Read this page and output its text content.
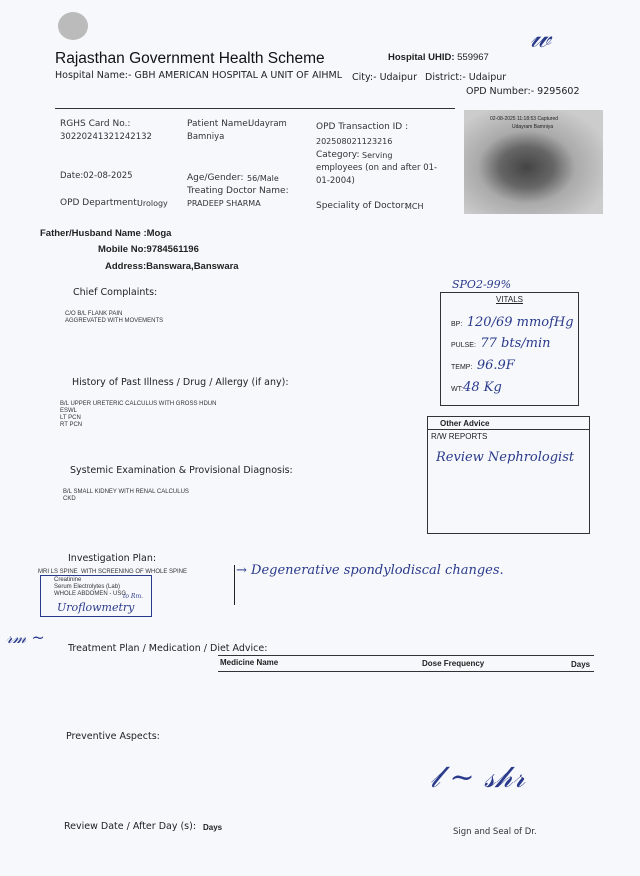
𝓌
Rajasthan Government Health Scheme	Hospital UHID: 559967
Hospital Name:- GBH AMERICAN HOSPITAL A UNIT OF AIHML City:- Udaipur District:- Udaipur
OPD Number:- 9295602
RGHS Card No.:
30220241321242132
Patient Name:
Udayram
Bamniya
OPD Transaction ID :
202508021123216
Category: Serving
employees (on and after 01-
01-2004)
Date:02-08-2025	Age/Gender: 56/Male
Treating Doctor Name:
PRADEEP SHARMA
OPD Department:
Urology	Speciality of Doctor:
MCH
02-08-2025 11:18:53 Captured
Udayram Bamniya
Father/Husband Name :Moga
Mobile No:9784561196
Address:Banswara,Banswara
Chief Complaints:
C/O B/L FLANK PAIN
AGGREVATED WITH MOVEMENTS
History of Past Illness / Drug / Allergy (if any):
B/L UPPER URETERIC CALCULUS WITH GROSS HDUN
ESWL
LT PCN
RT PCN
Systemic Examination & Provisional Diagnosis:
B/L SMALL KIDNEY WITH RENAL CALCULUS
CKD
SPO2-99%
VITALS
BP: 120/69 mmofHg
PULSE: 77 bts/min
TEMP: 96.9F
WT:48 Kg
Other Advice
R/W REPORTS
Review Nephrologist
Investigation Plan:
MRI LS SPINE  WITH SCREENING OF WHOLE SPINE	→ Degenerative spondylodiscal changes.
Creatinine
Serum Electrolytes (Lab)
WHOLE ABDOMEN - USG
to Rm.
Uroflowmetry
𝓇𝓂 ~
Treatment Plan / Medication / Diet Advice:
Medicine Name	Dose Frequency	Days
Preventive Aspects:
𝓁 ~ 𝓈𝒽𝓇
Review Date / After Day (s): Days	Sign and Seal of Dr.
